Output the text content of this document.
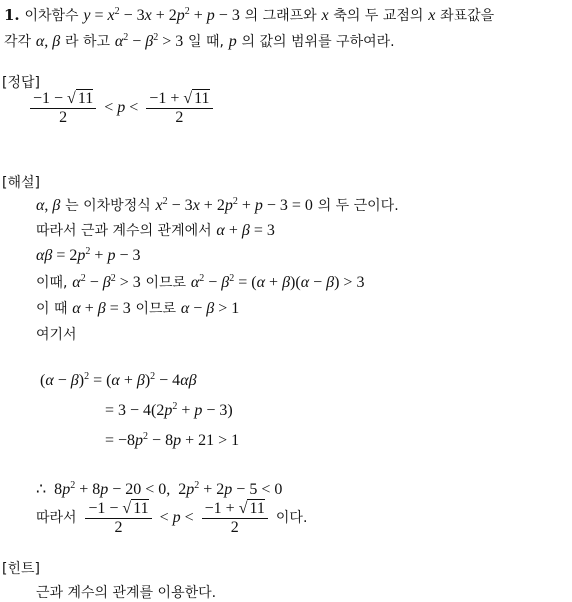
1. 이차함수 $y = x^2 - 3x + 2p^2 + p - 3$ 의 그래프와 x 축의 두 교점의 x 좌표값을
각각 α, β 라 하고 $\alpha^2 - \beta^2 > 3$ 일 때, p 의 값의 범위를 구하여라.
[정답]
$\frac{-1 - √ 11}{2} < p < \frac{-1 + √ 11}{2}$
[해설]
α, β 는 이차방정식 $x^2 - 3x + 2p^2 + p - 3 = 0$ 의 두 근이다.
따라서 근과 계수의 관계에서 α + β = 3
$\alpha\beta = 2p^2 + p - 3$
이때, $\alpha^2 - \beta^2 > 3$ 이므로 $\alpha^2 - \beta^2 = (\alpha + \beta)(\alpha - \beta) > 3$
이 때 α + β = 3 이므로 α − β > 1
여기서
$(\alpha - \beta)^2 = (\alpha + \beta)^2 - 4\alpha\beta$
= $3 - 4(2p^2 + p - 3)$
= $-8p^2 - 8p + 21 > 1$
∴  $8p^2 + 8p - 20 < 0$,  $2p^2 + 2p - 5 < 0$
따라서 $\frac{-1 - √ 11}{2} < p < \frac{-1 + √ 11}{2}$ 이다.
[힌트]
근과 계수의 관계를 이용한다.
